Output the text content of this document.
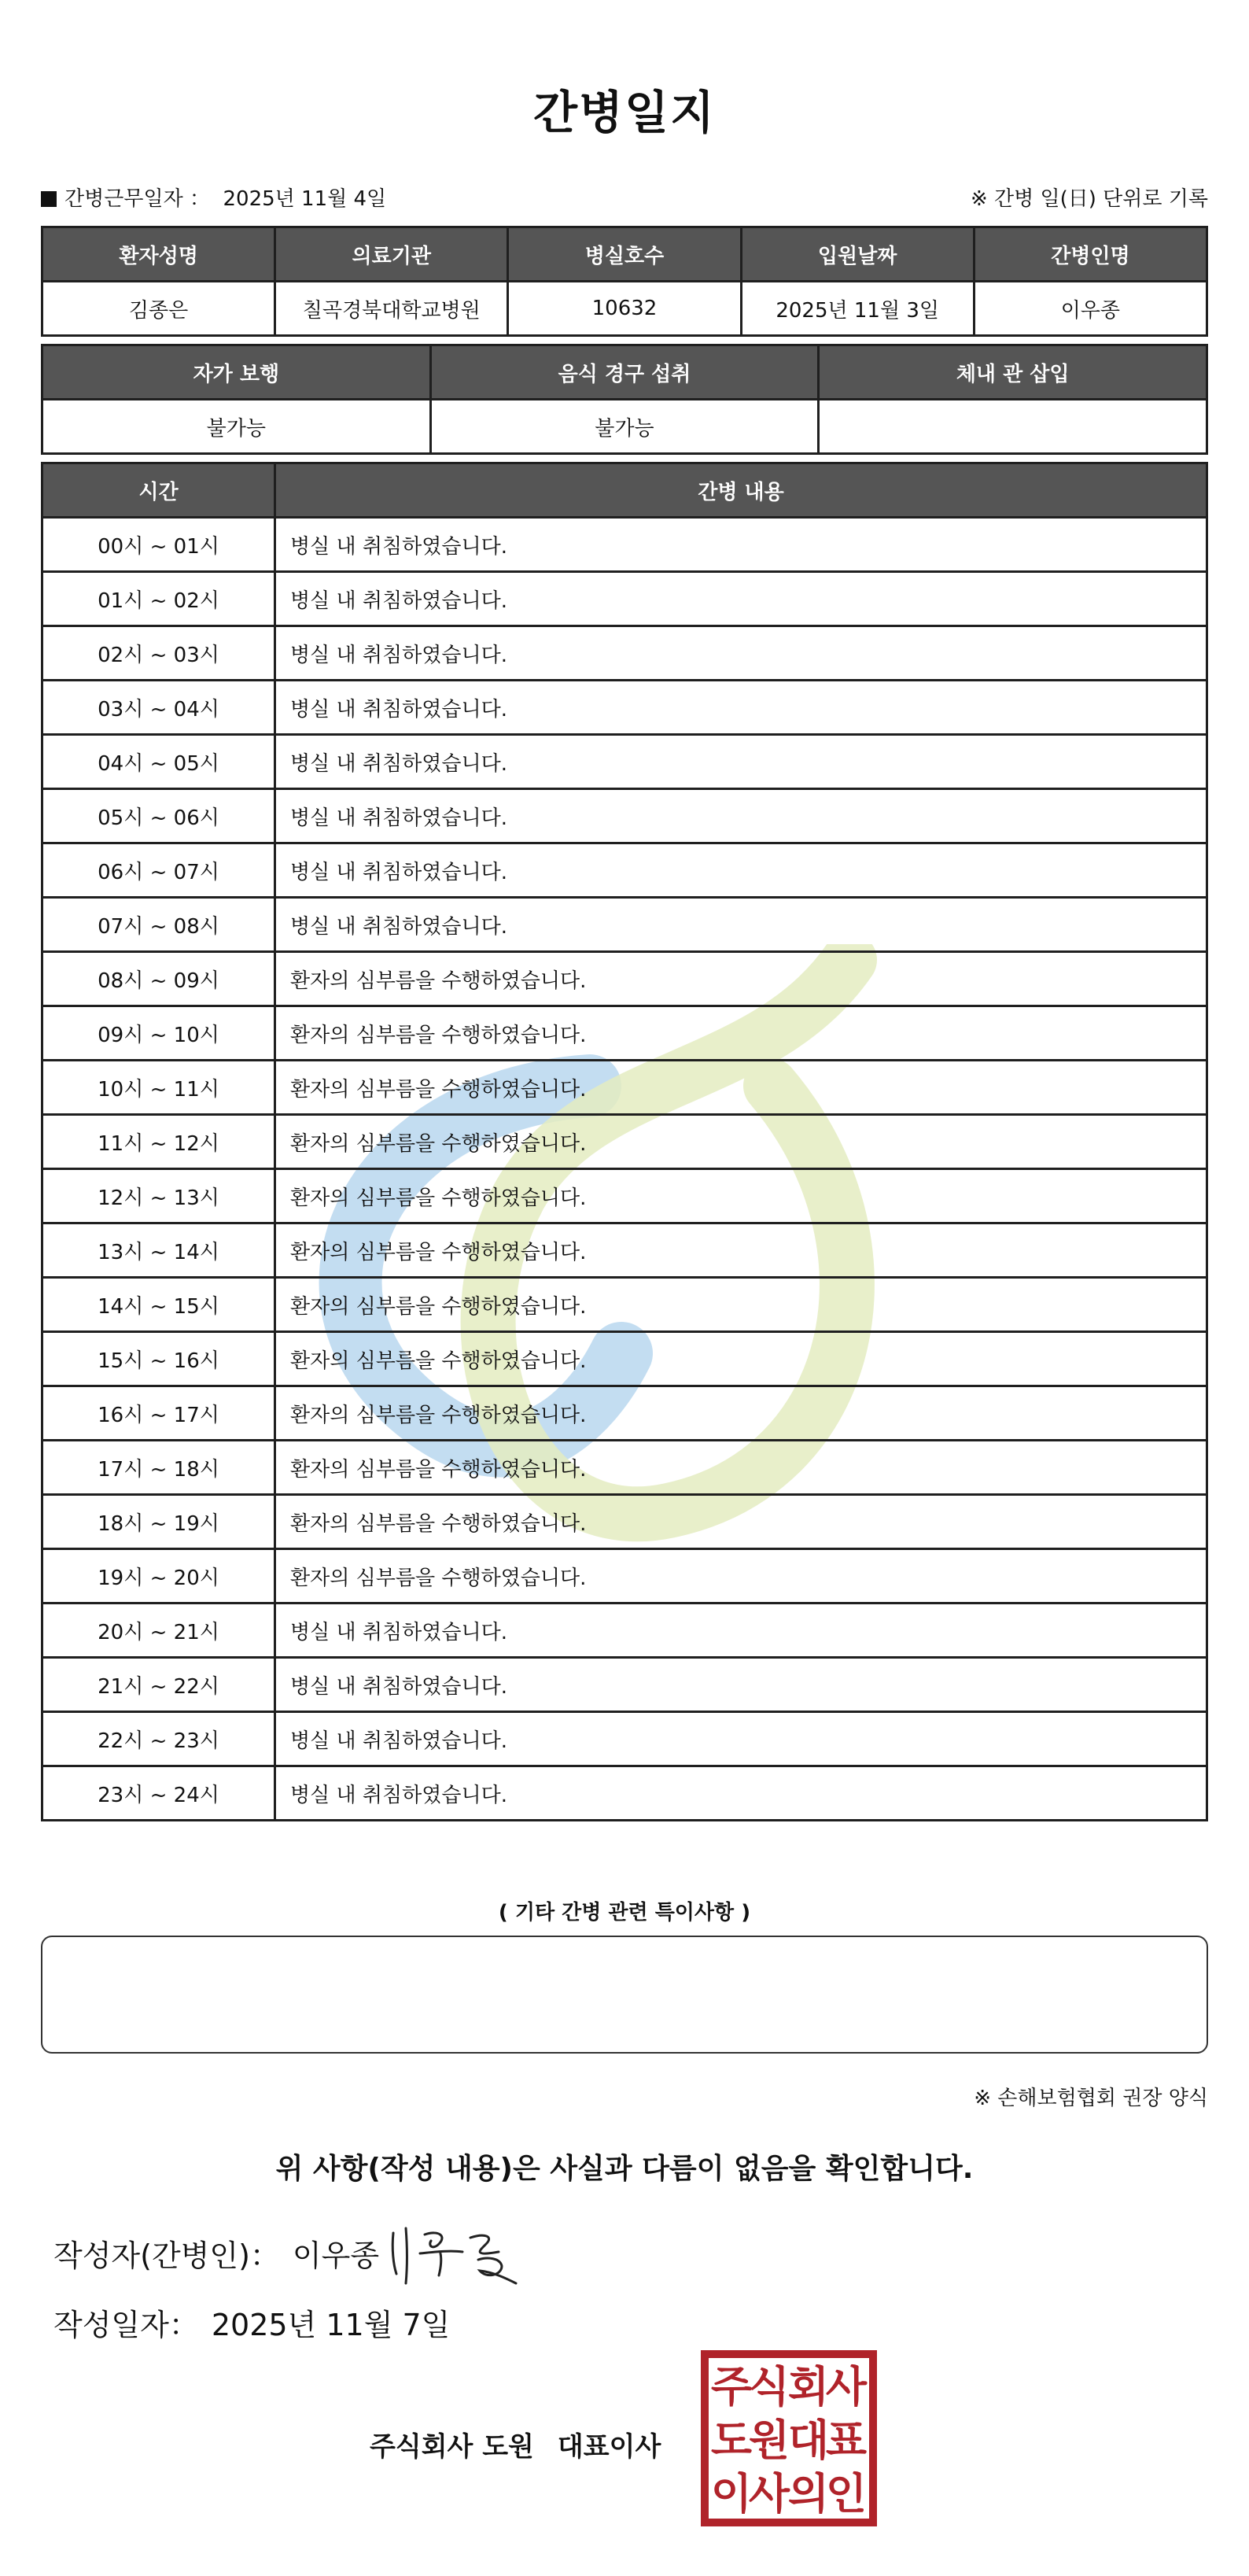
간병일지
간병근무일자 ： 2025년 11월 4일	※ 간병 일(日) 단위로 기록
환자성명	의료기관	병실호수	입원날짜	간병인명
김종은	칠곡경북대학교병원	10632	2025년 11월 3일	이우종
자가 보행	음식 경구 섭취	체내 관 삽입
불가능	불가능	
시간	간병 내용
00시 ~ 01시	병실 내 취침하였습니다.
01시 ~ 02시	병실 내 취침하였습니다.
02시 ~ 03시	병실 내 취침하였습니다.
03시 ~ 04시	병실 내 취침하였습니다.
04시 ~ 05시	병실 내 취침하였습니다.
05시 ~ 06시	병실 내 취침하였습니다.
06시 ~ 07시	병실 내 취침하였습니다.
07시 ~ 08시	병실 내 취침하였습니다.
08시 ~ 09시	환자의 심부름을 수행하였습니다.
09시 ~ 10시	환자의 심부름을 수행하였습니다.
10시 ~ 11시	환자의 심부름을 수행하였습니다.
11시 ~ 12시	환자의 심부름을 수행하였습니다.
12시 ~ 13시	환자의 심부름을 수행하였습니다.
13시 ~ 14시	환자의 심부름을 수행하였습니다.
14시 ~ 15시	환자의 심부름을 수행하였습니다.
15시 ~ 16시	환자의 심부름을 수행하였습니다.
16시 ~ 17시	환자의 심부름을 수행하였습니다.
17시 ~ 18시	환자의 심부름을 수행하였습니다.
18시 ~ 19시	환자의 심부름을 수행하였습니다.
19시 ~ 20시	환자의 심부름을 수행하였습니다.
20시 ~ 21시	병실 내 취침하였습니다.
21시 ~ 22시	병실 내 취침하였습니다.
22시 ~ 23시	병실 내 취침하였습니다.
23시 ~ 24시	병실 내 취침하였습니다.
( 기타 간병 관련 특이사항 )
※ 손해보험협회 권장 양식
위 사항(작성 내용)은 사실과 다름이 없음을 확인합니다.
작성자(간병인)： 이우종
작성일자： 2025년 11월 7일
주식회사 도원 대표이사
주
식
회
사
도
원
대
표
이
사
의
인
